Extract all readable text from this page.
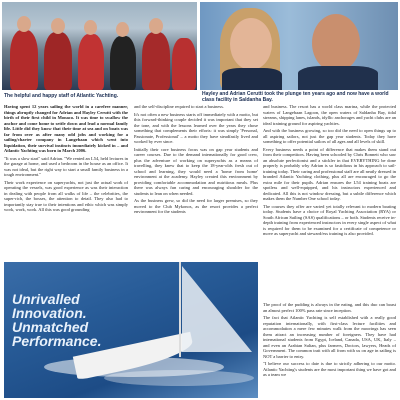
The helpful and happy staff of Atlantic Yachting.	Hayley and Adrian Cerutti took the plunge ten years ago and now have a world class facility in Saldanha Bay.

Having spent 12 years sailing the world in a carefree manner, things abruptly changed for Adrian and Hayley Cerutti with the birth of their first child in Monaco. It was time to swallow the anchor and come home to settle down and lead a normal family life. Little did they know that their time at sea and on boats was far from over as after many odd jobs and working for a sailing/charter company in Langebaan which went into liquidation, their survival instincts immediately kicked in – and Atlantic Yachting was born in March 2006.

"It was a slow start" said Adrian. "We rented an L54, held lectures in the garage at home, and used a bedroom in the house as an office. It was not ideal, but the right way to start a small family business in a tough environment."

Their work experience on superyachts, not just the actual work of operating the vessels, was good experience as was their interaction in dealing with people from all walks of life – the celebrities, the super-rich, the bosses, the attention to detail. They also had to importantly stay true to their intentions and ethic which was simply work, work, work. All this was good grounding

and the self-discipline required to start a business.

It's not often a new business starts off immediately with a motto, but this forward-thinking couple decided it was important that they set the tone, and with the lessons learned over the years they chose something that complements their efforts: it was simply 'Personal, Passionate, Professional' – a motto they have steadfastly lived and worked by ever since.

Initially their core business focus was on gap year students and career courses. Due to the demand internationally for good crew, plus the adventure of working on superyachts as a means of travelling, they knew that to keep the 18-year-olds fresh out of school and learning, they would need a 'home from home' environment at the academy. Hayley created this environment by providing comfortable accommodation and nutritious meals. Plus there was always fun caring and encouraging shoulder for the students to lean on when needed.

As the business grew, so did the need for larger premises, so they moved to the Club Mykonos, as the resort provides a perfect environment for the students

and business. The resort has a world class marina, while the protected waters of Langebaan Lagoon, the open waters of Saldanha Bay, tidal streams, shipping lanes, islands, idyllic anchorages and yacht clubs are an ideal training ground for aspiring yachties.

And with the business growing, so too did the need to open things up to all aspiring sailors, not just the gap year students. Today they have something to offer potential sailors of all ages and all levels of skill.

Every business needs a point of difference that makes them stand out from their competitors. Having been schooled by Chris Bonnett who saw an absolute perfectionist and a stickler in that EVERYTHING be done properly is probably why Adrian is so fastidious in his approach to sail-training today. Their caring and professional staff are all neatly dressed in branded Atlantic Yachting clothing, plus all are encouraged to go the extra mile for their pupils. Adrian ensures the L54 training boats are spotless and well-equipped, and his instructors experienced and dedicated. All this is not window dressing, but a subtle difference which makes them the Number One school today.

The courses they offer are varied yet totally relevant to modern boating today. Students have a choice of Royal Yachting Association (RYA) or South African Sailing (SAS) qualifications – or both. Students receive in-depth training from experienced instructors in every single aspect of what is required for them to be examined for a certificate of competence or move as superyacht and steward/ess training is also provided.

The proof of the pudding is always in the eating, and this duo can boast an almost perfect 100% pass rate since inception.

The fact that Atlantic Yachting is self established with a really good reputation internationally, with first-class lecture facilities and accommodation a mere few minutes walk from the moorings has seen them attract an increasing number of foreigners. They have had international students from Egypt, Iceland, Canada, USA, UK, Italy – and even an Arabian Sultan, plus farmers, Doctors, lawyers, Heads of Government. The common trait with all from with us on age in sailing is NOT a barrier to entry.

"I believe our success to date is due to strictly adhering to our motto. Atlantic Yachting's students are the most important thing we have got and as a team we

Unrivalled
Innovation.
Unmatched
Performance.
